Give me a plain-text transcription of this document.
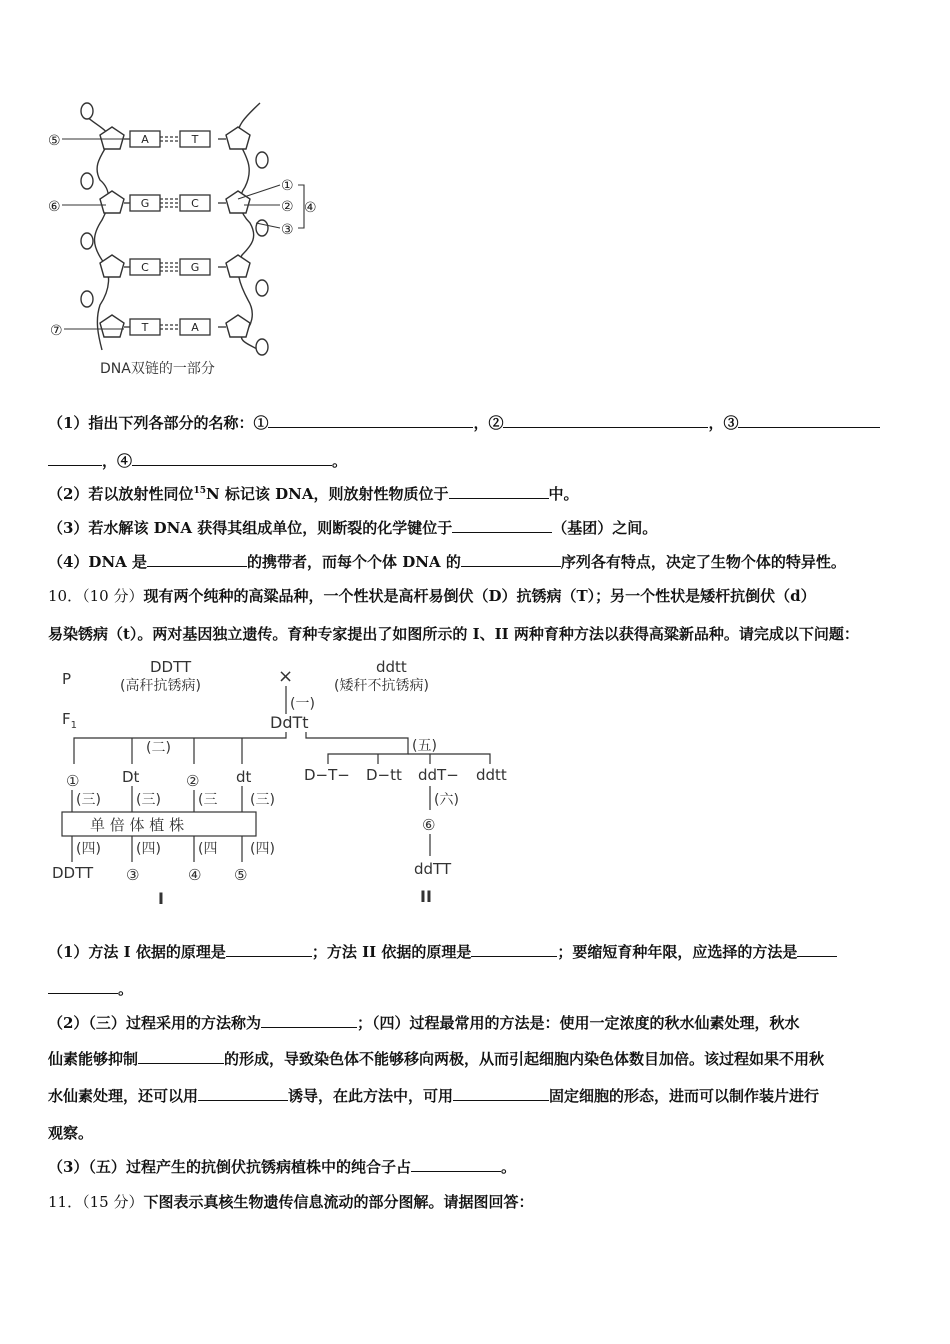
A	T
G	C
C	G
T	A
⑤
⑥
⑦
①
②
③
④
DNA双链的一部分
（1）指出下列各部分的名称：①	，②	，③
，④	。
（2）若以放射性同位$^{15}$N 标记该 DNA，则放射性物质位于	中。
（3）若水解该 DNA 获得其组成单位，则断裂的化学键位于	（基团）之间。
（4）DNA 是	的携带者，而每个个体 DNA 的	序列各有特点，决定了生物个体的特异性。
10．（10 分）现有两个纯种的高粱品种，一个性状是高杆易倒伏（D）抗锈病（T）；另一个性状是矮杆抗倒伏（d）
易染锈病（t）。两对基因独立遗传。育种专家提出了如图所示的 I、II 两种育种方法以获得高粱新品种。请完成以下问题：
P
$F_1$
DDTT
(高秆抗锈病)
ddtt
(矮秆不抗锈病)
×
(一)
DdTt
(二)	(五)
①	Dt	② dt
(三)	(三)	(三 (三)
单 倍 体 植 株
(四)	(四)	(四 (四)
DDTT ③	④ ⑤
D−T− D−tt ddT− ddtt
(六)
⑥
ddTT
I	II
（1）方法 I 依据的原理是	；方法 II 依据的原理是	；要缩短育种年限，应选择的方法是
。
（2）（三）过程采用的方法称为	；（四）过程最常用的方法是：使用一定浓度的秋水仙素处理，秋水
仙素能够抑制	的形成，导致染色体不能够移向两极，从而引起细胞内染色体数目加倍。该过程如果不用秋
水仙素处理，还可以用	诱导，在此方法中，可用	固定细胞的形态，进而可以制作装片进行
观察。
（3）（五）过程产生的抗倒伏抗锈病植株中的纯合子占	。
11．（15 分）下图表示真核生物遗传信息流动的部分图解。请据图回答：
